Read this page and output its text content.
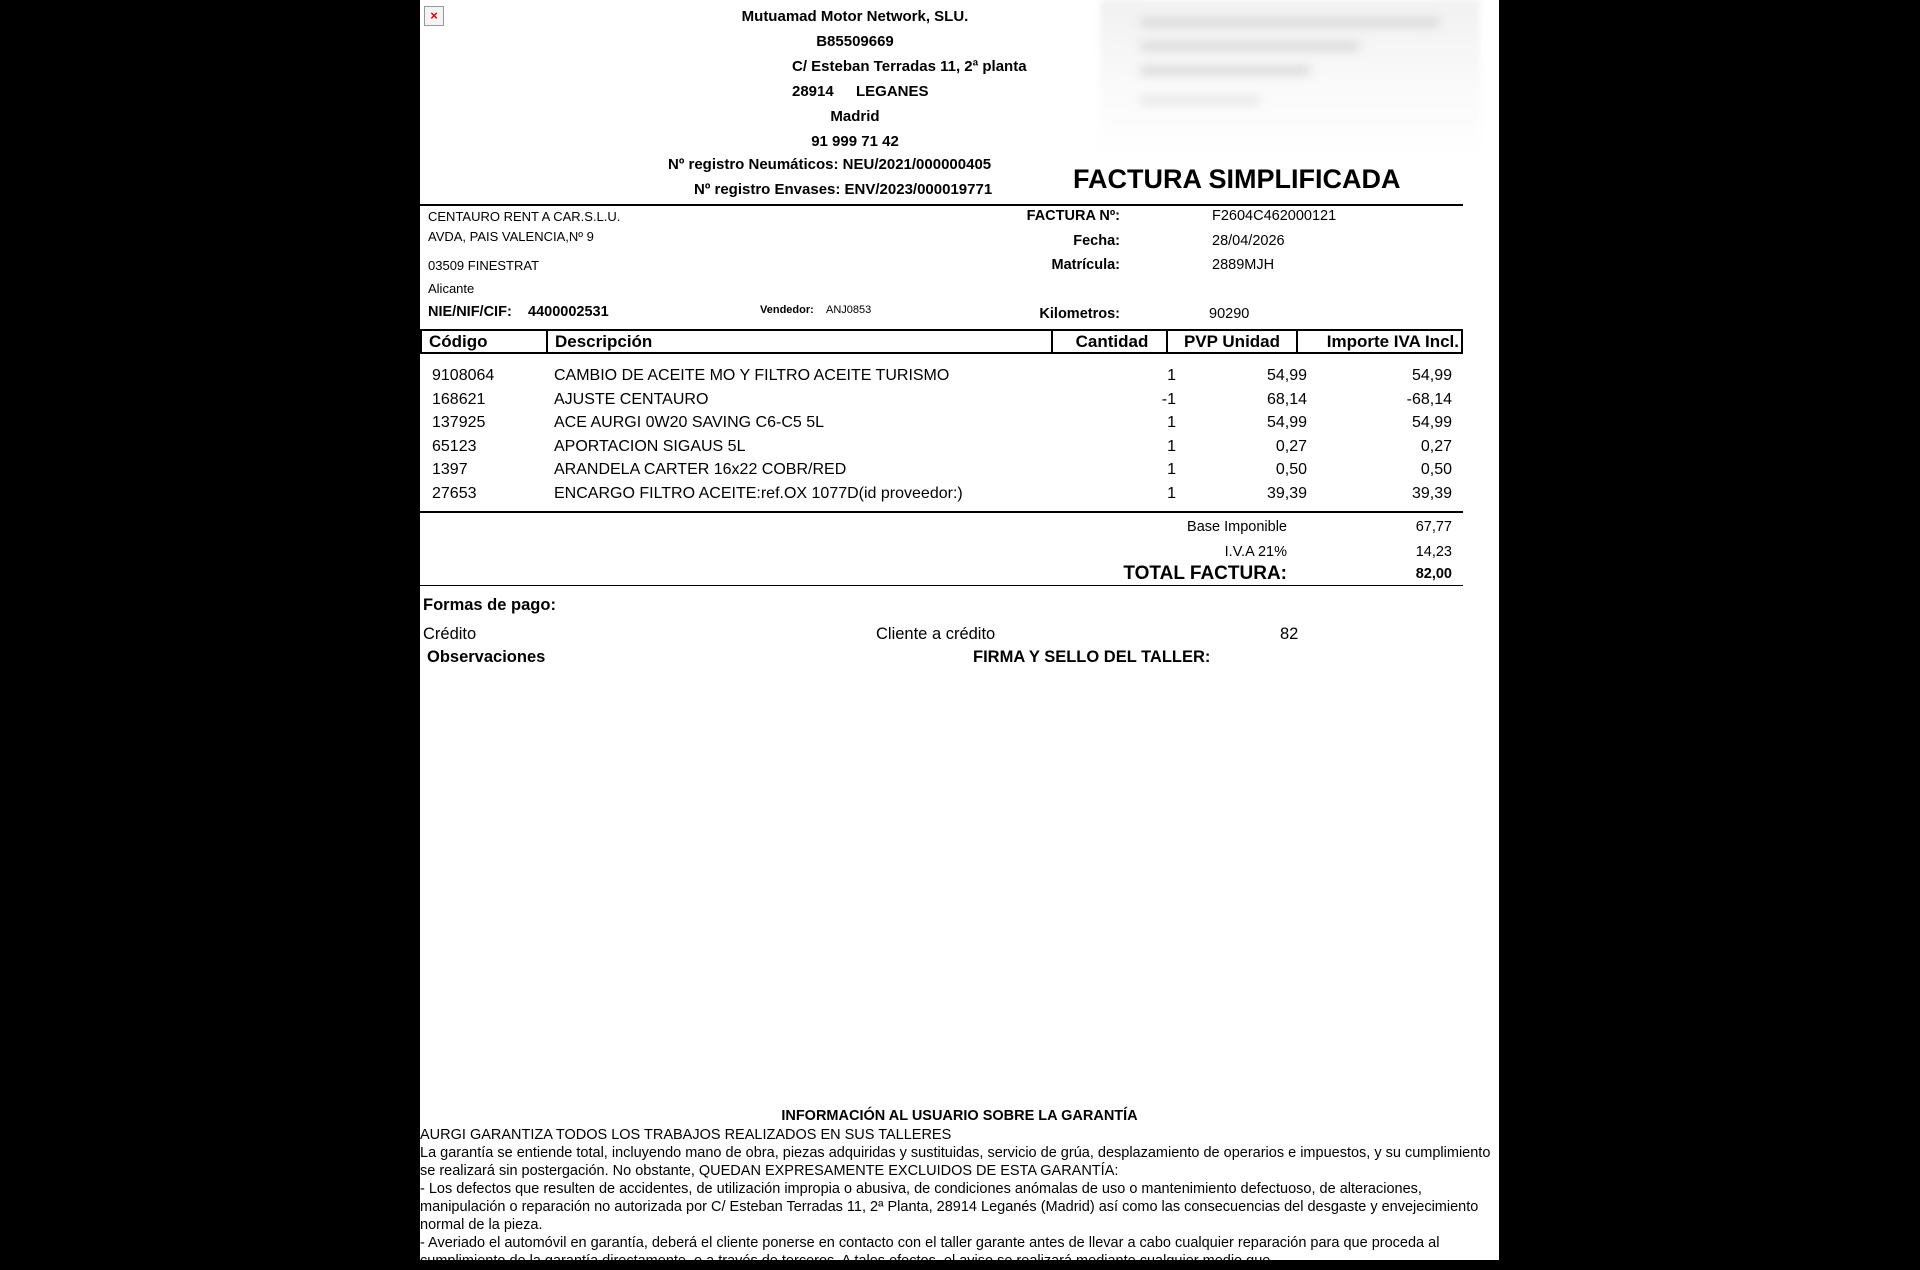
×	Mutuamad Motor Network, SLU.
B85509669
C/ Esteban Terradas 11, 2ª planta
28914 LEGANES
Madrid
91 999 71 42
Nº registro Neumáticos: NEU/2021/000000405
Nº registro Envases: ENV/2023/000019771	FACTURA SIMPLIFICADA
CENTAURO RENT A CAR.S.L.U.
AVDA, PAIS VALENCIA,Nº 9
03509 FINESTRAT
Alicante
NIE/NIF/CIF: 4400002531	Vendedor: ANJ0853
FACTURA Nº:	F2604C462000121
Fecha:	28/04/2026
Matrícula:	2889MJH
Kilometros:	90290
Código	Descripción	Cantidad	PVP Unidad	Importe IVA Incl.
9108064	CAMBIO DE ACEITE MO Y FILTRO ACEITE TURISMO	1	54,99	54,99
168621	AJUSTE CENTAURO	-1	68,14	-68,14
137925	ACE AURGI 0W20 SAVING C6-C5 5L	1	54,99	54,99
65123	APORTACION SIGAUS 5L	1	0,27	0,27
1397	ARANDELA CARTER 16x22 COBR/RED	1	0,50	0,50
27653	ENCARGO FILTRO ACEITE:ref.OX 1077D(id proveedor:)	1	39,39	39,39
Base Imponible	67,77
I.V.A 21%	14,23
TOTAL FACTURA:	82,00
Formas de pago:
Crédito	Cliente a crédito	82
Observaciones	FIRMA Y SELLO DEL TALLER:
INFORMACIÓN AL USUARIO SOBRE LA GARANTÍA

AURGI GARANTIZA TODOS LOS TRABAJOS REALIZADOS EN SUS TALLERES

La garantía se entiende total, incluyendo mano de obra, piezas adquiridas y sustituidas, servicio de grúa, desplazamiento de operarios e impuestos, y su cumplimiento se realizará sin postergación. No obstante, QUEDAN EXPRESAMENTE EXCLUIDOS DE ESTA GARANTÍA:

- Los defectos que resulten de accidentes, de utilización impropia o abusiva, de condiciones anómalas de uso o mantenimiento defectuoso, de alteraciones, manipulación o reparación no autorizada por C/ Esteban Terradas 11, 2ª Planta, 28914 Leganés (Madrid) así como las consecuencias del desgaste y envejecimiento normal de la pieza.

- Averiado el automóvil en garantía, deberá el cliente ponerse en contacto con el taller garante antes de llevar a cabo cualquier reparación para que proceda al cumplimiento de la garantía directamente, o a través de terceros. A tales efectos, el aviso se realizará mediante cualquier medio que
